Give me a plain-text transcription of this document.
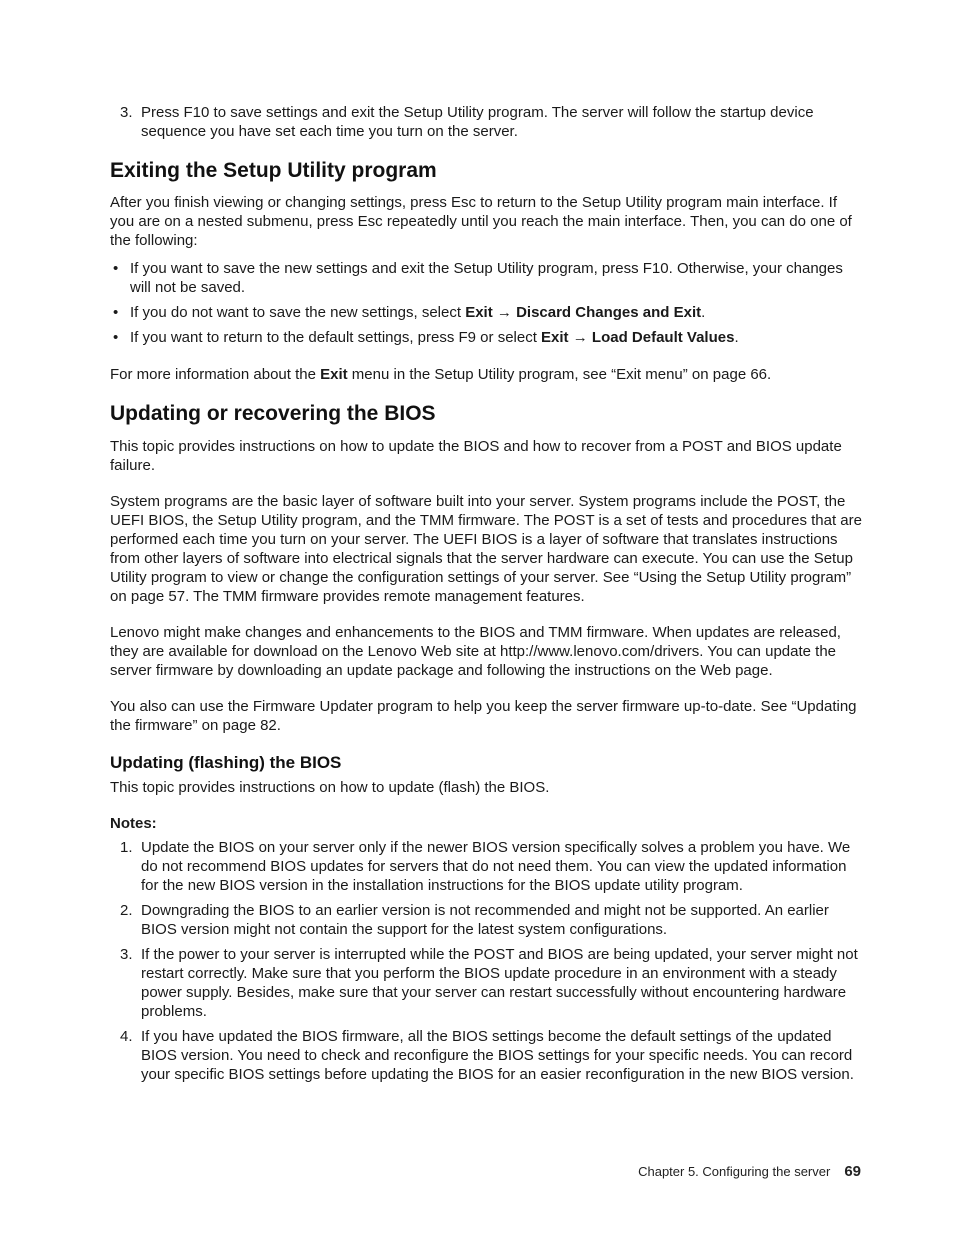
3. Press F10 to save settings and exit the Setup Utility program. The server will follow the startup device sequence you have set each time you turn on the server.
Exiting the Setup Utility program

After you finish viewing or changing settings, press Esc to return to the Setup Utility program main interface. If you are on a nested submenu, press Esc repeatedly until you reach the main interface. Then, you can do one of the following:

• If you want to save the new settings and exit the Setup Utility program, press F10. Otherwise, your changes will not be saved.
• If you do not want to save the new settings, select Exit → Discard Changes and Exit.
• If you want to return to the default settings, press F9 or select Exit → Load Default Values.

For more information about the Exit menu in the Setup Utility program, see “Exit menu” on page 66.

Updating or recovering the BIOS

This topic provides instructions on how to update the BIOS and how to recover from a POST and BIOS update failure.

System programs are the basic layer of software built into your server. System programs include the POST, the UEFI BIOS, the Setup Utility program, and the TMM firmware. The POST is a set of tests and procedures that are performed each time you turn on your server. The UEFI BIOS is a layer of software that translates instructions from other layers of software into electrical signals that the server hardware can execute. You can use the Setup Utility program to view or change the configuration settings of your server. See “Using the Setup Utility program” on page 57. The TMM firmware provides remote management features.

Lenovo might make changes and enhancements to the BIOS and TMM firmware. When updates are released, they are available for download on the Lenovo Web site at http://www.lenovo.com/drivers. You can update the server firmware by downloading an update package and following the instructions on the Web page.

You also can use the Firmware Updater program to help you keep the server firmware up-to-date. See “Updating the firmware” on page 82.

Updating (flashing) the BIOS

This topic provides instructions on how to update (flash) the BIOS.

Notes:

1. Update the BIOS on your server only if the newer BIOS version specifically solves a problem you have. We do not recommend BIOS updates for servers that do not need them. You can view the updated information for the new BIOS version in the installation instructions for the BIOS update utility program.
2. Downgrading the BIOS to an earlier version is not recommended and might not be supported. An earlier BIOS version might not contain the support for the latest system configurations.
3. If the power to your server is interrupted while the POST and BIOS are being updated, your server might not restart correctly. Make sure that you perform the BIOS update procedure in an environment with a steady power supply. Besides, make sure that your server can restart successfully without encountering hardware problems.
4. If you have updated the BIOS firmware, all the BIOS settings become the default settings of the updated BIOS version. You need to check and reconfigure the BIOS settings for your specific needs. You can record your specific BIOS settings before updating the BIOS for an easier reconfiguration in the new BIOS version.
Chapter 5. Configuring the server 69
